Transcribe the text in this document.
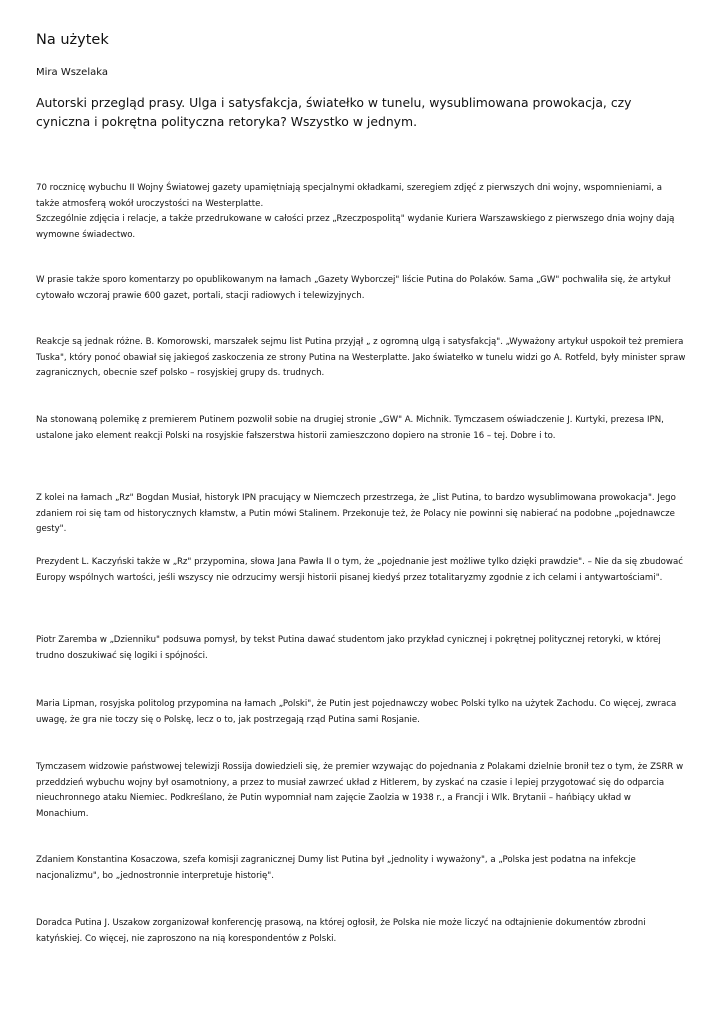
Na użytek
Mira Wszelaka
Autorski przegląd prasy. Ulga i satysfakcja, światełko w tunelu, wysublimowana prowokacja, czy cyniczna i pokrętna polityczna retoryka? Wszystko w jednym.
70 rocznicę wybuchu II Wojny Światowej gazety upamiętniają specjalnymi okładkami, szeregiem zdjęć z pierwszych dni wojny, wspomnieniami, a także atmosferą wokół uroczystości na Westerplatte.
Szczególnie zdjęcia i relacje, a także przedrukowane w całości przez „Rzeczpospolitą" wydanie Kuriera Warszawskiego z pierwszego dnia wojny dają wymowne świadectwo.
W prasie także sporo komentarzy po opublikowanym na łamach „Gazety Wyborczej" liście Putina do Polaków. Sama „GW" pochwaliła się, że artykuł cytowało wczoraj prawie 600 gazet, portali, stacji radiowych i telewizyjnych.
Reakcje są jednak różne. B. Komorowski, marszałek sejmu list Putina przyjął „ z ogromną ulgą i satysfakcją". „Wyważony artykuł uspokoił też premiera Tuska", który ponoć obawiał się jakiegoś zaskoczenia ze strony Putina na Westerplatte. Jako światełko w tunelu widzi go A. Rotfeld, były minister spraw zagranicznych, obecnie szef polsko – rosyjskiej grupy ds. trudnych.
Na stonowaną polemikę z premierem Putinem pozwolił sobie na drugiej stronie „GW" A. Michnik. Tymczasem oświadczenie J. Kurtyki, prezesa IPN, ustalone jako element reakcji Polski na rosyjskie fałszerstwa historii zamieszczono dopiero na stronie 16 – tej. Dobre i to.
Z kolei na łamach „Rz" Bogdan Musiał, historyk IPN pracujący w Niemczech przestrzega, że „list Putina, to bardzo wysublimowana prowokacja". Jego zdaniem roi się tam od historycznych kłamstw, a Putin mówi Stalinem. Przekonuje też, że Polacy nie powinni się nabierać na podobne „pojednawcze gesty".
Prezydent L. Kaczyński także w „Rz" przypomina, słowa Jana Pawła II o tym, że „pojednanie jest możliwe tylko dzięki prawdzie". – Nie da się zbudować Europy wspólnych wartości, jeśli wszyscy nie odrzucimy wersji historii pisanej kiedyś przez totalitaryzmy zgodnie z ich celami i antywartościami".
Piotr Zaremba w „Dzienniku" podsuwa pomysł, by tekst Putina dawać studentom jako przykład cynicznej i pokrętnej politycznej retoryki, w której trudno doszukiwać się logiki i spójności.
Maria Lipman, rosyjska politolog przypomina na łamach „Polski", że Putin jest pojednawczy wobec Polski tylko na użytek Zachodu. Co więcej, zwraca uwagę, że gra nie toczy się o Polskę, lecz o to, jak postrzegają rząd Putina sami Rosjanie.
Tymczasem widzowie państwowej telewizji Rossija dowiedzieli się, że premier wzywając do pojednania z Polakami dzielnie bronił tez o tym, że ZSRR w przeddzień wybuchu wojny był osamotniony, a przez to musiał zawrzeć układ z Hitlerem, by zyskać na czasie i lepiej przygotować się do odparcia nieuchronnego ataku Niemiec. Podkreślano, że Putin wypomniał nam zajęcie Zaolzia w 1938 r., a Francji i Wlk. Brytanii – hańbiący układ w Monachium.
Zdaniem Konstantina Kosaczowa, szefa komisji zagranicznej Dumy list Putina był „jednolity i wyważony", a „Polska jest podatna na infekcje nacjonalizmu", bo „jednostronnie interpretuje historię".
Doradca Putina J. Uszakow zorganizował konferencję prasową, na której ogłosił, że Polska nie może liczyć na odtajnienie dokumentów zbrodni katyńskiej. Co więcej, nie zaproszono na nią korespondentów z Polski.
